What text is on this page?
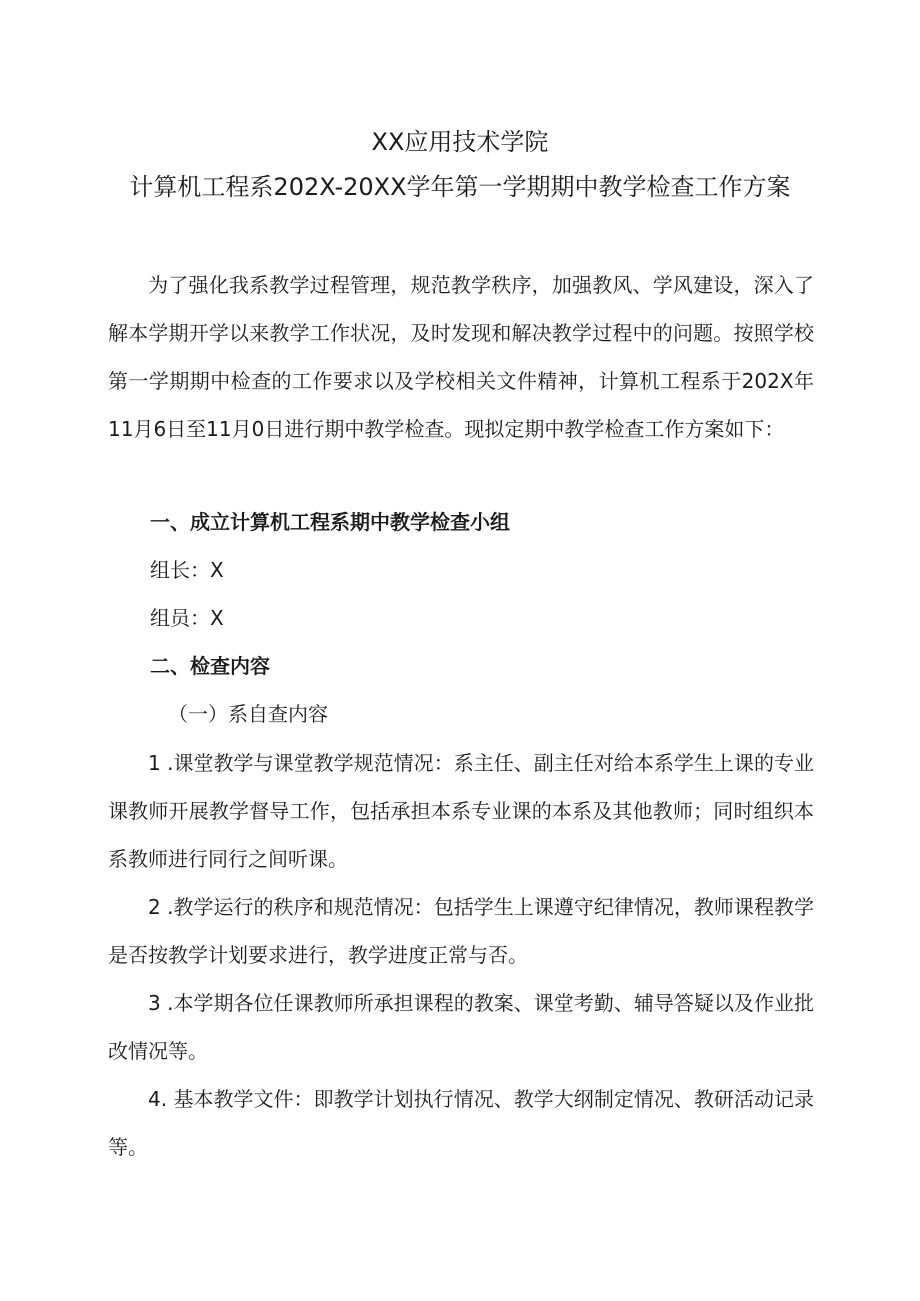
XX应用技术学院
计算机工程系202X-20XX学年第一学期期中教学检查工作方案

为了强化我系教学过程管理，规范教学秩序，加强教风、学风建设，深入了解本学期开学以来教学工作状况，及时发现和解决教学过程中的问题。按照学校第一学期期中检查的工作要求以及学校相关文件精神，计算机工程系于202X年11月6日至11月0日进行期中教学检查。现拟定期中教学检查工作方案如下：

一、成立计算机工程系期中教学检查小组
组长：X
组员：X
二、检查内容
（一）系自查内容

1 .课堂教学与课堂教学规范情况：系主任、副主任对给本系学生上课的专业课教师开展教学督导工作，包括承担本系专业课的本系及其他教师；同时组织本系教师进行同行之间听课。

2 .教学运行的秩序和规范情况：包括学生上课遵守纪律情况，教师课程教学是否按教学计划要求进行，教学进度正常与否。

3 .本学期各位任课教师所承担课程的教案、课堂考勤、辅导答疑以及作业批改情况等。

4. 基本教学文件：即教学计划执行情况、教学大纲制定情况、教研活动记录等。
